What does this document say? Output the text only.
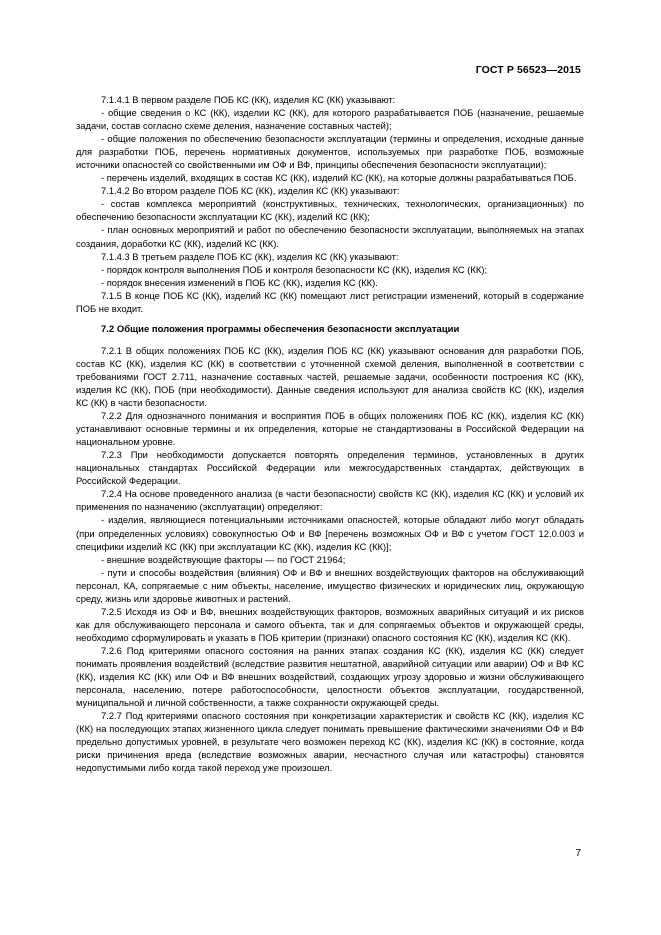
ГОСТ Р 56523—2015

7.1.4.1 В первом разделе ПОБ КС (КК), изделия КС (КК) указывают:

- общие сведения о КС (КК), изделии КС (КК), для которого разрабатывается ПОБ (назначение, решаемые задачи, состав согласно схеме деления, назначение составных частей);

- общие положения по обеспечению безопасности эксплуатации (термины и определения, исходные данные для разработки ПОБ, перечень нормативных документов, используемых при разработке ПОБ, возможные источники опасностей со свойственными им ОФ и ВФ, принципы обеспечения безопасности эксплуатации);

- перечень изделий, входящих в состав КС (КК), изделий КС (КК), на которые должны разрабатываться ПОБ.

7.1.4.2 Во втором разделе ПОБ КС (КК), изделия КС (КК) указывают:

- состав комплекса мероприятий (конструктивных, технических, технологических, организационных) по обеспечению безопасности эксплуатации КС (КК), изделий КС (КК);

- план основных мероприятий и работ по обеспечению безопасности эксплуатации, выполняемых на этапах создания, доработки КС (КК), изделий КС (КК).

7.1.4.3 В третьем разделе ПОБ КС (КК), изделия КС (КК) указывают:

- порядок контроля выполнения ПОБ и контроля безопасности КС (КК), изделия КС (КК);

- порядок внесения изменений в ПОБ КС (КК), изделия КС (КК).

7.1.5 В конце ПОБ КС (КК), изделий КС (КК) помещают лист регистрации изменений, который в содержание ПОБ не входит.

7.2 Общие положения программы обеспечения безопасности эксплуатации

7.2.1 В общих положениях ПОБ КС (КК), изделия ПОБ КС (КК) указывают основания для разработки ПОБ, состав КС (КК), изделия КС (КК) в соответствии с уточненной схемой деления, выполненной в соответствии с требованиями ГОСТ 2.711, назначение составных частей, решаемые задачи, особенности построения КС (КК), изделия КС (КК), ПОБ (при необходимости). Данные сведения используют для анализа свойств КС (КК), изделия КС (КК) в части безопасности.

7.2.2 Для однозначного понимания и восприятия ПОБ в общих положениях ПОБ КС (КК), изделия КС (КК) устанавливают основные термины и их определения, которые не стандартизованы в Российской Федерации на национальном уровне.

7.2.3 При необходимости допускается повторять определения терминов, установленных в других национальных стандартах Российской Федерации или межгосударственных стандартах, действующих в Российской Федерации.

7.2.4 На основе проведенного анализа (в части безопасности) свойств КС (КК), изделия КС (КК) и условий их применения по назначению (эксплуатации) определяют:

- изделия, являющиеся потенциальными источниками опасностей, которые обладают либо могут обладать (при определенных условиях) совокупностью ОФ и ВФ [перечень возможных ОФ и ВФ с учетом ГОСТ 12.0.003 и специфики изделий КС (КК) при эксплуатации КС (КК), изделия КС (КК)];

- внешние воздействующие факторы — по ГОСТ 21964;

- пути и способы воздействия (влияния) ОФ и ВФ и внешних воздействующих факторов на обслуживающий персонал, КА, сопрягаемые с ним объекты, население, имущество физических и юридических лиц, окружающую среду, жизнь или здоровье животных и растений.

7.2.5 Исходя из ОФ и ВФ, внешних воздействующих факторов, возможных аварийных ситуаций и их рисков как для обслуживающего персонала и самого объекта, так и для сопрягаемых объектов и окружающей среды, необходимо сформулировать и указать в ПОБ критерии (признаки) опасного состояния КС (КК), изделия КС (КК).

7.2.6 Под критериями опасного состояния на ранних этапах создания КС (КК), изделия КС (КК) следует понимать проявления воздействий (вследствие развития нештатной, аварийной ситуации или аварии) ОФ и ВФ КС (КК), изделия КС (КК) или ОФ и ВФ внешних воздействий, создающих угрозу здоровью и жизни обслуживающего персонала, населению, потере работоспособности, целостности объектов эксплуатации, государственной, муниципальной и личной собственности, а также сохранности окружающей среды.

7.2.7 Под критериями опасного состояния при конкретизации характеристик и свойств КС (КК), изделия КС (КК) на последующих этапах жизненного цикла следует понимать превышение фактическими значениями ОФ и ВФ предельно допустимых уровней, в результате чего возможен переход КС (КК), изделия КС (КК) в состояние, когда риски причинения вреда (вследствие возможных аварии, несчастного случая или катастрофы) становятся недопустимыми либо когда такой переход уже произошел.

7
